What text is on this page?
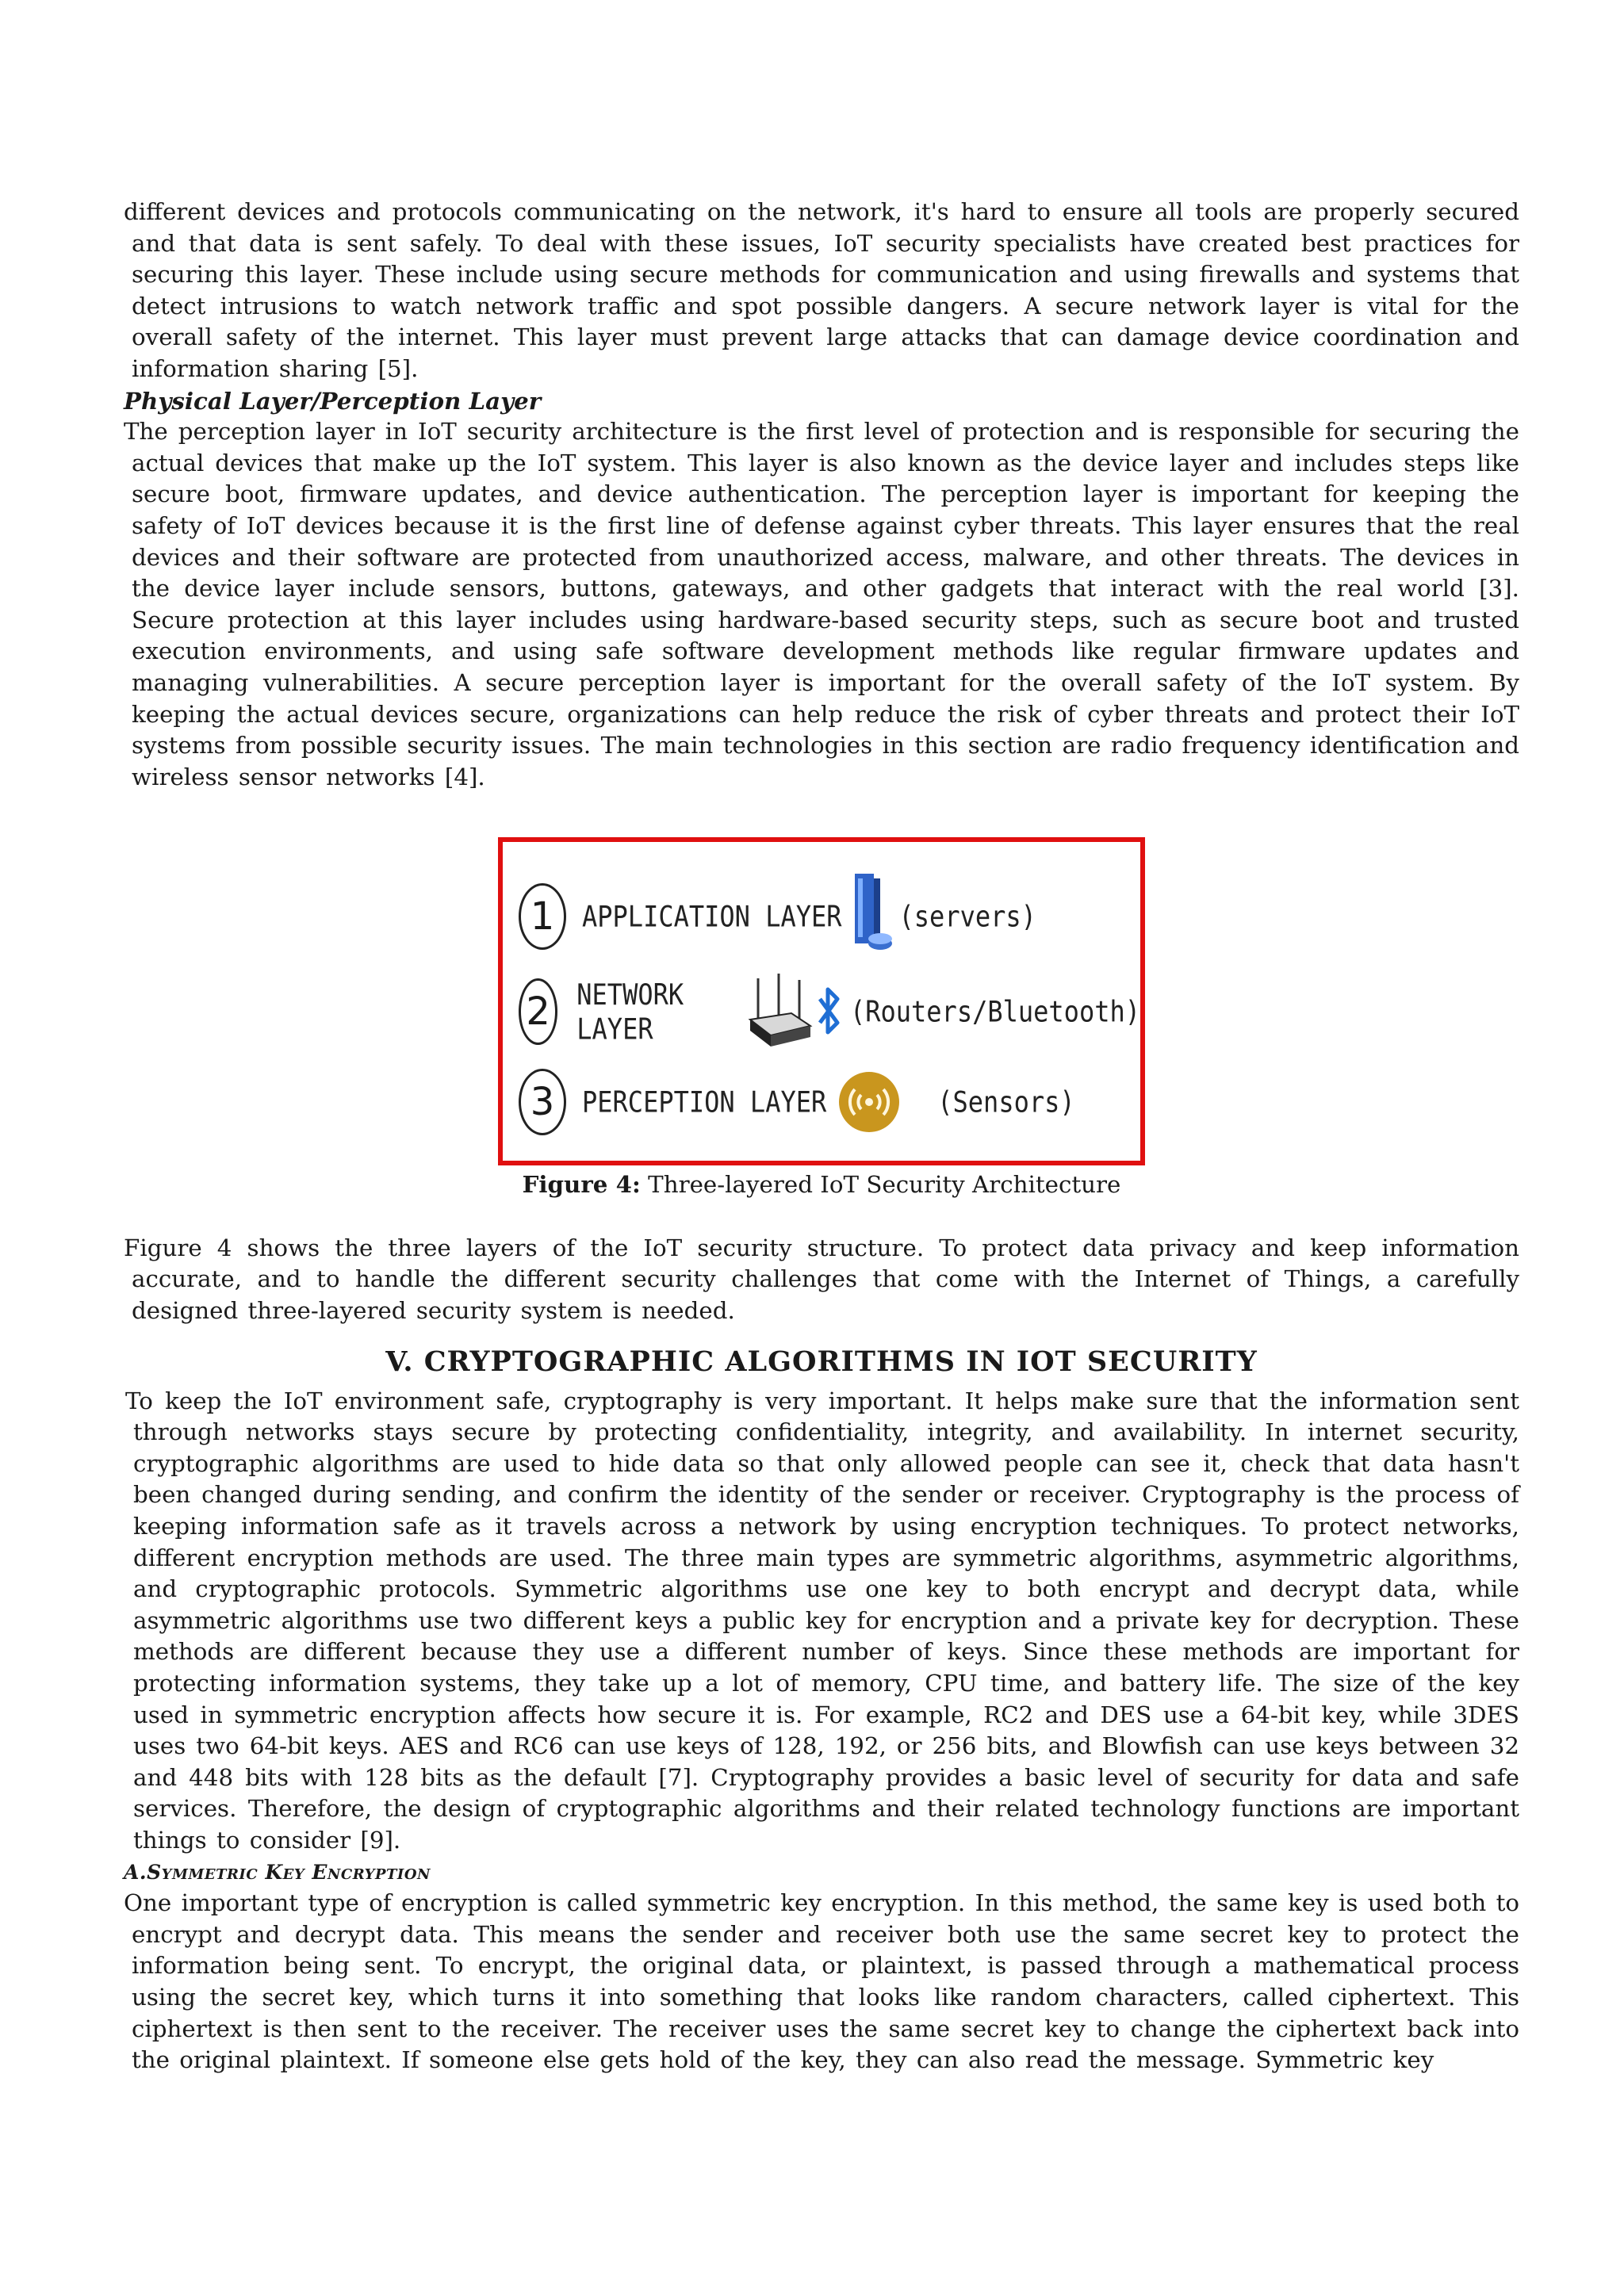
different devices and protocols communicating on the network, it's hard to ensure all tools are properly secured and that data is sent safely. To deal with these issues, IoT security specialists have created best practices for securing this layer. These include using secure methods for communication and using firewalls and systems that detect intrusions to watch network traffic and spot possible dangers. A secure network layer is vital for the overall safety of the internet. This layer must prevent large attacks that can damage device coordination and information sharing [5].

Physical Layer/Perception Layer

The perception layer in IoT security architecture is the first level of protection and is responsible for securing the actual devices that make up the IoT system. This layer is also known as the device layer and includes steps like secure boot, firmware updates, and device authentication. The perception layer is important for keeping the safety of IoT devices because it is the first line of defense against cyber threats. This layer ensures that the real devices and their software are protected from unauthorized access, malware, and other threats. The devices in the device layer include sensors, buttons, gateways, and other gadgets that interact with the real world [3]. Secure protection at this layer includes using hardware-based security steps, such as secure boot and trusted execution environments, and using safe software development methods like regular firmware updates and managing vulnerabilities. A secure perception layer is important for the overall safety of the IoT system. By keeping the actual devices secure, organizations can help reduce the risk of cyber threats and protect their IoT systems from possible security issues. The main technologies in this section are radio frequency identification and wireless sensor networks [4].

1	APPLICATION LAYER (servers)
2 NETWORK LAYER	(Routers/Bluetooth)
3	PERCEPTION LAYER	(Sensors)

Figure 4: Three-layered IoT Security Architecture

Figure 4 shows the three layers of the IoT security structure. To protect data privacy and keep information accurate, and to handle the different security challenges that come with the Internet of Things, a carefully designed three-layered security system is needed.

V. CRYPTOGRAPHIC ALGORITHMS IN IOT SECURITY

To keep the IoT environment safe, cryptography is very important. It helps make sure that the information sent through networks stays secure by protecting confidentiality, integrity, and availability. In internet security, cryptographic algorithms are used to hide data so that only allowed people can see it, check that data hasn't been changed during sending, and confirm the identity of the sender or receiver. Cryptography is the process of keeping information safe as it travels across a network by using encryption techniques. To protect networks, different encryption methods are used. The three main types are symmetric algorithms, asymmetric algorithms, and cryptographic protocols. Symmetric algorithms use one key to both encrypt and decrypt data, while asymmetric algorithms use two different keys a public key for encryption and a private key for decryption. These methods are different because they use a different number of keys. Since these methods are important for protecting information systems, they take up a lot of memory, CPU time, and battery life. The size of the key used in symmetric encryption affects how secure it is. For example, RC2 and DES use a 64-bit key, while 3DES uses two 64-bit keys. AES and RC6 can use keys of 128, 192, or 256 bits, and Blowfish can use keys between 32 and 448 bits with 128 bits as the default [7]. Cryptography provides a basic level of security for data and safe services. Therefore, the design of cryptographic algorithms and their related technology functions are important things to consider [9].

A.Symmetric Key Encryption

One important type of encryption is called symmetric key encryption. In this method, the same key is used both to encrypt and decrypt data. This means the sender and receiver both use the same secret key to protect the information being sent. To encrypt, the original data, or plaintext, is passed through a mathematical process using the secret key, which turns it into something that looks like random characters, called ciphertext. This ciphertext is then sent to the receiver. The receiver uses the same secret key to change the ciphertext back into the original plaintext. If someone else gets hold of the key, they can also read the message. Symmetric key
